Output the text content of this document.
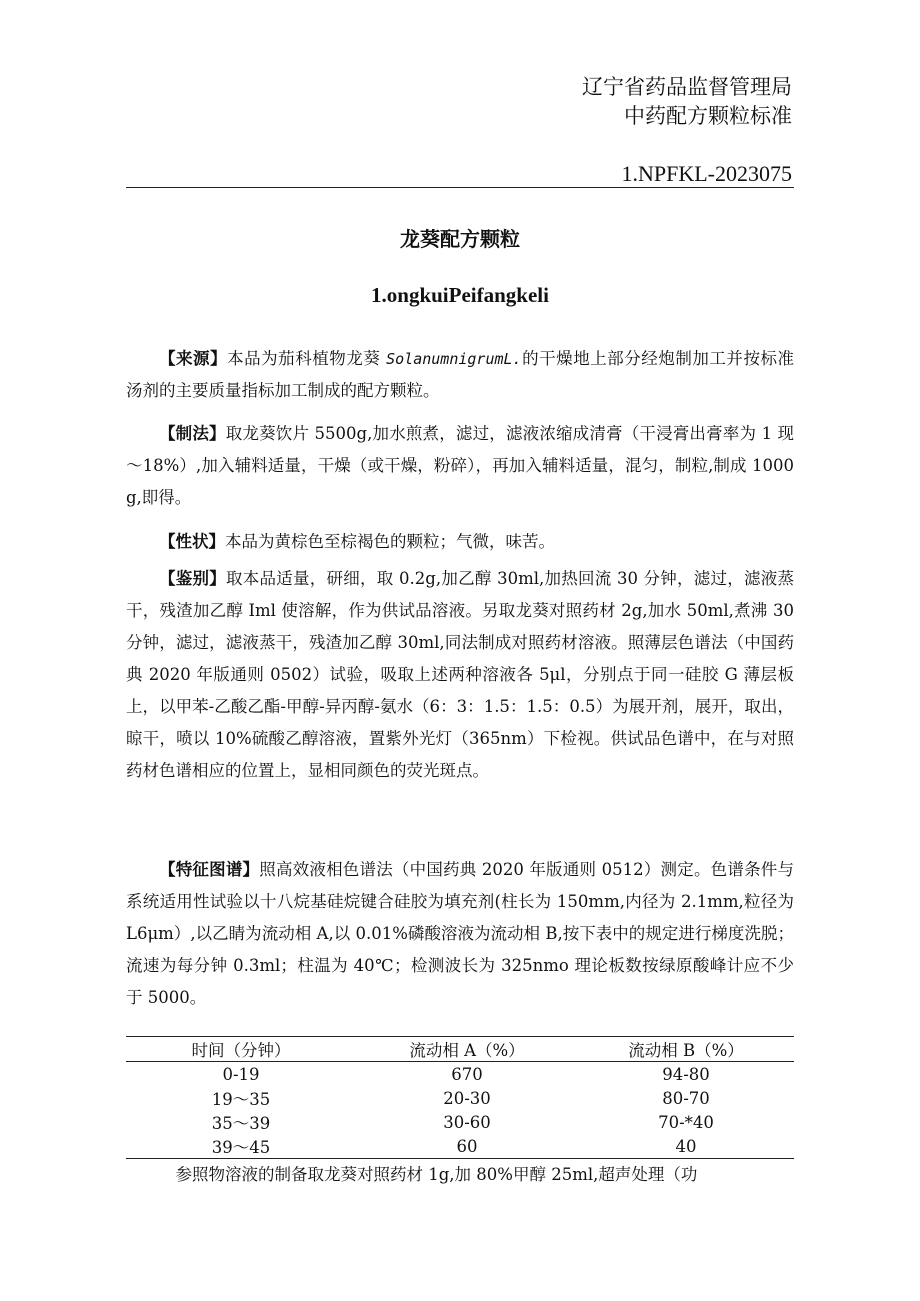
辽宁省药品监督管理局
中药配方颗粒标准
1.NPFKL-2023075
龙葵配方颗粒
1.ongkuiPeifangkeli

【来源】本品为茄科植物龙葵 SolanumnigrumL.的干燥地上部分经炮制加工并按标准汤剂的主要质量指标加工制成的配方颗粒。

【制法】取龙葵饮片 5500g,加水煎煮，滤过，滤液浓缩成清膏（干浸膏出膏率为 1 现～18%）,加入辅料适量，干燥（或干燥，粉碎），再加入辅料适量，混匀，制粒,制成 1000g,即得。

【性状】本品为黄棕色至棕褐色的颗粒；气微，味苦。

【鉴别】取本品适量，研细，取 0.2g,加乙醇 30ml,加热回流 30 分钟，滤过，滤液蒸干，残渣加乙醇 Iml 使溶解，作为供试品溶液。另取龙葵对照药材 2g,加水 50ml,煮沸 30 分钟，滤过，滤液蒸干，残渣加乙醇 30ml,同法制成对照药材溶液。照薄层色谱法（中国药典 2020 年版通则 0502）试验，吸取上述两种溶液各 5μl，分别点于同一硅胶 G 薄层板上，以甲苯-乙酸乙酯-甲醇-异丙醇-氨水（6：3：1.5：1.5：0.5）为展开剂，展开，取出，晾干，喷以 10%硫酸乙醇溶液，置紫外光灯（365nm）下检视。供试品色谱中，在与对照药材色谱相应的位置上，显相同颜色的荧光斑点。

【特征图谱】照高效液相色谱法（中国药典 2020 年版通则 0512）测定。色谱条件与系统适用性试验以十八烷基硅烷键合硅胶为填充剂(柱长为 150mm,内径为 2.1mm,粒径为 L6μm）,以乙睛为流动相 A,以 0.01%磷酸溶液为流动相 B,按下表中的规定进行梯度洗脱；流速为每分钟 0.3ml；柱温为 40℃；检测波长为 325nmo 理论板数按绿原酸峰计应不少于 5000。

时间（分钟）	流动相 A（%）	流动相 B（%）
0-19	670	94-80
19～35	20-30	80-70
35～39	30-60	70-*40
39～45	60	40

参照物溶液的制备取龙葵对照药材 1g,加 80%甲醇 25ml,超声处理（功
